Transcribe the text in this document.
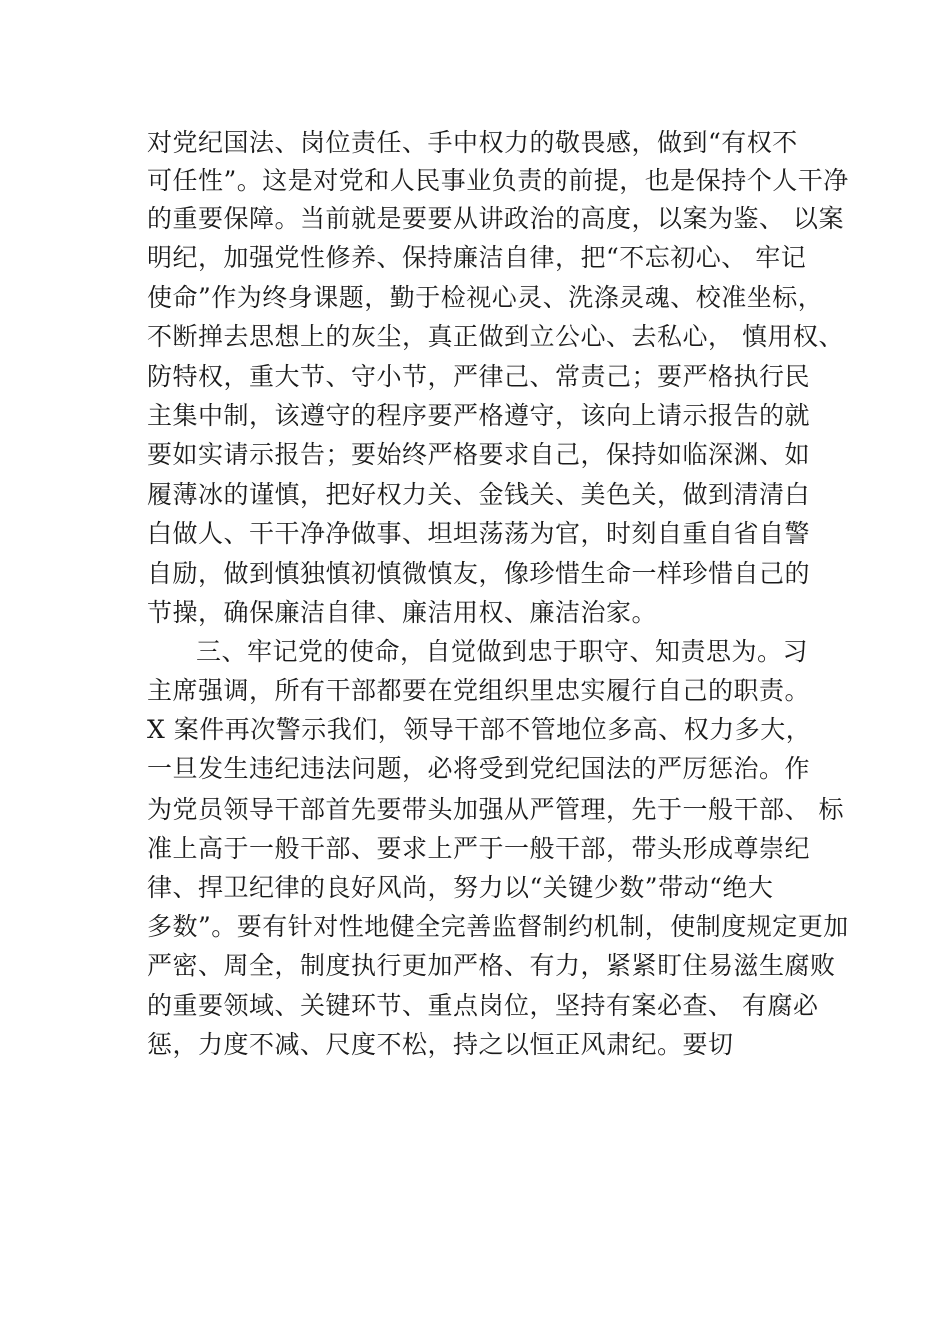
对党纪国法、岗位责任、手中权力的敬畏感，做到“有权不
可任性”。这是对党和人民事业负责的前提，也是保持个人干净
的重要保障。当前就是要要从讲政治的高度，以案为鉴、 以案
明纪，加强党性修养、保持廉洁自律，把“不忘初心、 牢记
使命”作为终身课题，勤于检视心灵、洗涤灵魂、校准坐标，
不断掸去思想上的灰尘，真正做到立公心、去私心， 慎用权、
防特权，重大节、守小节，严律己、常责己；要严格执行民
主集中制，该遵守的程序要严格遵守，该向上请示报告的就
要如实请示报告；要始终严格要求自己，保持如临深渊、如
履薄冰的谨慎，把好权力关、金钱关、美色关，做到清清白
白做人、干干净净做事、坦坦荡荡为官，时刻自重自省自警
自励，做到慎独慎初慎微慎友，像珍惜生命一样珍惜自己的
节操，确保廉洁自律、廉洁用权、廉洁治家。
三、牢记党的使命，自觉做到忠于职守、知责思为。习
主席强调，所有干部都要在党组织里忠实履行自己的职责。
X 案件再次警示我们，领导干部不管地位多高、权力多大，
一旦发生违纪违法问题，必将受到党纪国法的严厉惩治。作
为党员领导干部首先要带头加强从严管理，先于一般干部、 标
准上高于一般干部、要求上严于一般干部，带头形成尊崇纪
律、捍卫纪律的良好风尚，努力以“关键少数”带动“绝大
多数”。要有针对性地健全完善监督制约机制，使制度规定更加
严密、周全，制度执行更加严格、有力，紧紧盯住易滋生腐败
的重要领域、关键环节、重点岗位，坚持有案必查、 有腐必
惩，力度不减、尺度不松，持之以恒正风肃纪。要切
